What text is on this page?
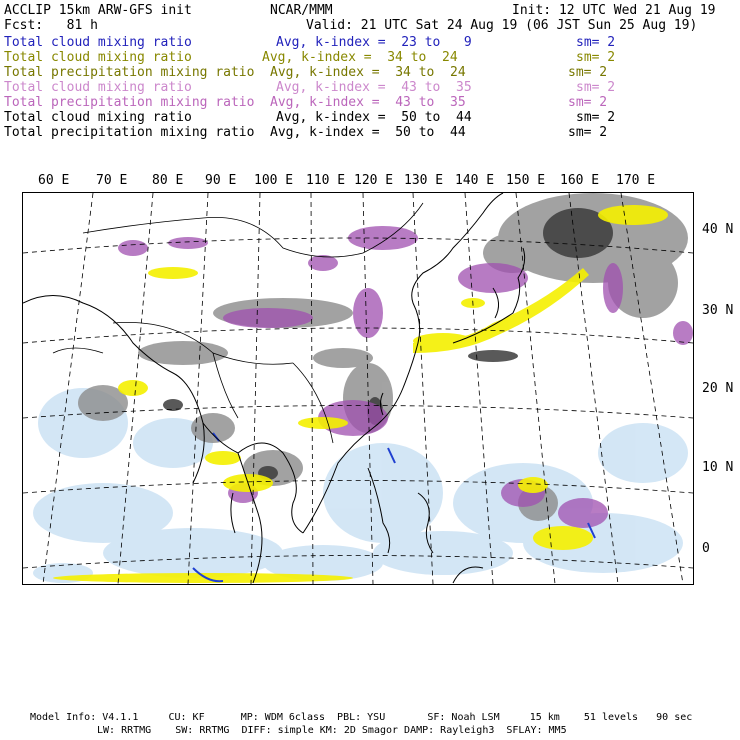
ACCLIP 15km ARW-GFS init	NCAR/MMM	Init: 12 UTC Wed 21 Aug 19
Fcst:   81 h	Valid: 21 UTC Sat 24 Aug 19 (06 JST Sun 25 Aug 19)
Total cloud mixing ratio	Avg, k-index =  23 to   9	sm= 2
Total cloud mixing ratio	Avg, k-index =  34 to  24	sm= 2
Total precipitation mixing ratio Avg, k-index =  34 to  24	sm= 2
Total cloud mixing ratio	Avg, k-index =  43 to  35	sm= 2
Total precipitation mixing ratio Avg, k-index =  43 to  35	sm= 2
Total cloud mixing ratio	Avg, k-index =  50 to  44	sm= 2
Total precipitation mixing ratio Avg, k-index =  50 to  44	sm= 2
60 E 70 E 80 E 90 E 100 E 110 E 120 E 130 E 140 E 150 E 160 E 170 E
40 N
30 N
20 N
10 N
0
Model Info: V4.1.1     CU: KF      MP: WDM 6class  PBL: YSU       SF: Noah LSM     15 km    51 levels   90 sec
LW: RRTMG    SW: RRTMG  DIFF: simple KM: 2D Smagor DAMP: Rayleigh3  SFLAY: MM5
